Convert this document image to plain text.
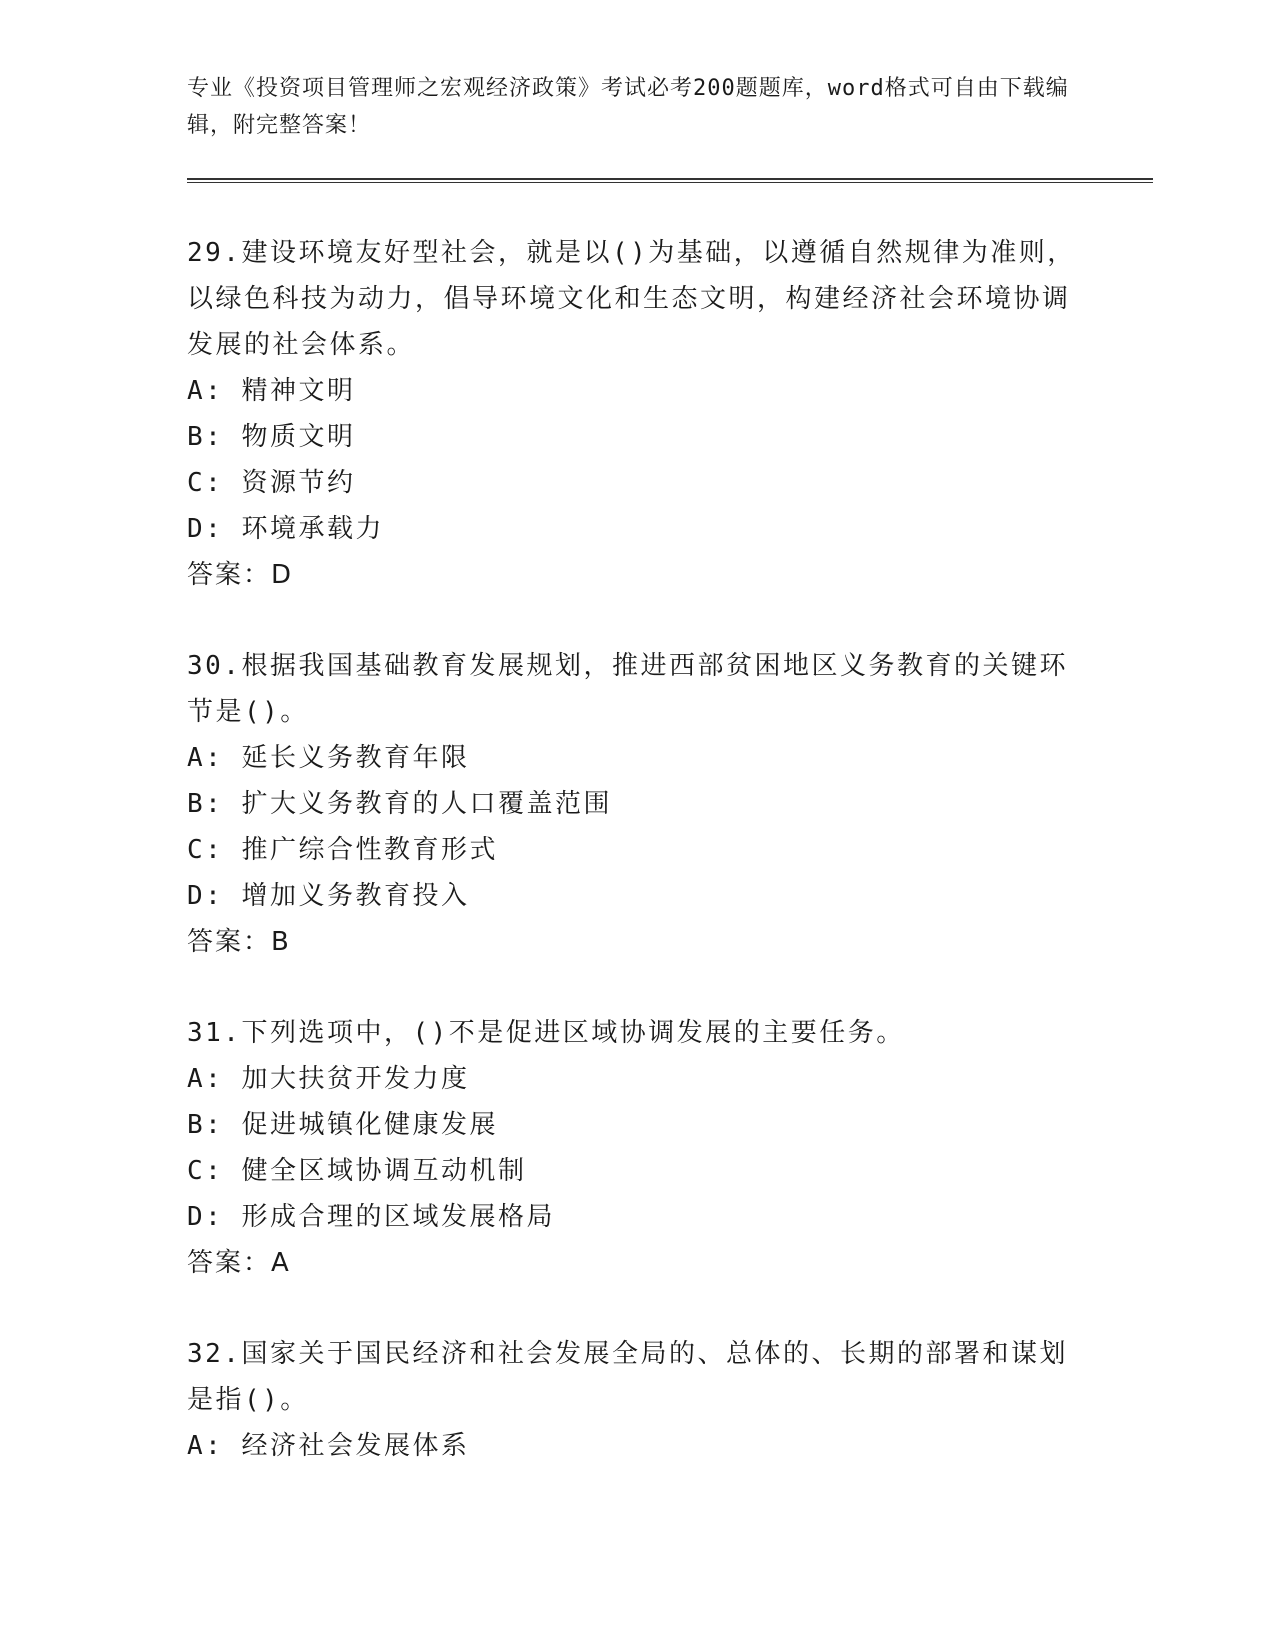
专业《投资项目管理师之宏观经济政策》考试必考200题题库，word格式可自由下载编辑，附完整答案！

29.建设环境友好型社会，就是以()为基础，以遵循自然规律为准则，以绿色科技为动力，倡导环境文化和生态文明，构建经济社会环境协调发展的社会体系。

A: 精神文明
B: 物质文明
C: 资源节约
D: 环境承载力

答案：D

30.根据我国基础教育发展规划，推进西部贫困地区义务教育的关键环节是()。

A: 延长义务教育年限
B: 扩大义务教育的人口覆盖范围
C: 推广综合性教育形式
D: 增加义务教育投入

答案：B

31.下列选项中，()不是促进区域协调发展的主要任务。

A: 加大扶贫开发力度
B: 促进城镇化健康发展
C: 健全区域协调互动机制
D: 形成合理的区域发展格局

答案：A

32.国家关于国民经济和社会发展全局的、总体的、长期的部署和谋划是指()。

A: 经济社会发展体系
